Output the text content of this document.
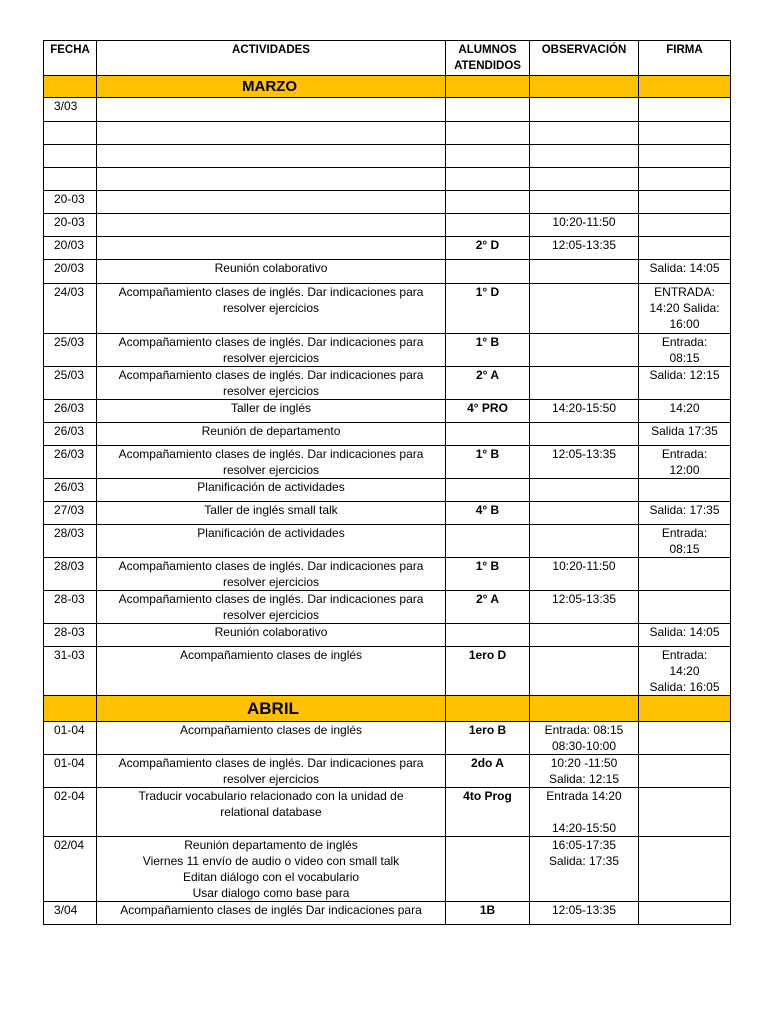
FECHA	ACTIVIDADES	ALUMNOS
ATENDIDOS	OBSERVACIÓN	FIRMA
	MARZO			
3/03				

20-03				
20-03			10:20-11:50	

20/03		2° D	12:05-13:35	

20/03	Reunión colaborativo			Salida: 14:05

24/03	Acompañamiento clases de inglés. Dar indicaciones para
resolver ejercicios	1° D		ENTRADA:
14:20 Salida:
16:00

25/03	Acompañamiento clases de inglés. Dar indicaciones para
resolver ejercicios	1° B		Entrada:
08:15

25/03	Acompañamiento clases de inglés. Dar indicaciones para
resolver ejercicios	2° A		Salida: 12:15

26/03	Taller de inglés	4° PRO	14:20-15:50	14:20

26/03	Reunión de departamento			Salida 17:35

26/03	Acompañamiento clases de inglés. Dar indicaciones para
resolver ejercicios	1° B	12:05-13:35	Entrada:
12:00

26/03	Planificación de actividades			

27/03	Taller de inglés small talk	4° B		Salida: 17:35

28/03	Planificación de actividades			Entrada:
08:15

28/03	Acompañamiento clases de inglés. Dar indicaciones para
resolver ejercicios	1° B	10:20-11:50	

28-03	Acompañamiento clases de inglés. Dar indicaciones para
resolver ejercicios	2° A	12:05-13:35	

28-03	Reunión colaborativo			Salida: 14:05

31-03	Acompañamiento clases de inglés	1ero D		Entrada:
14:20
Salida: 16:05

	ABRIL			
01-04	Acompañamiento clases de inglés	1ero B	Entrada: 08:15
08:30-10:00	

01-04	Acompañamiento clases de inglés. Dar indicaciones para
resolver ejercicios	2do A	10:20 -11:50
Salida: 12:15	

02-04	Traducir vocabulario relacionado con la unidad de
relational database	4to Prog	Entrada 14:20
14:20-15:50	

02/04	Reunión departamento de inglés
Viernes 11 envío de audio o video con small talk
Editan diálogo con el vocabulario
Usar dialogo como base para		16:05-17:35
Salida: 17:35	

3/04	Acompañamiento clases de inglés Dar indicaciones para	1B	12:05-13:35	
